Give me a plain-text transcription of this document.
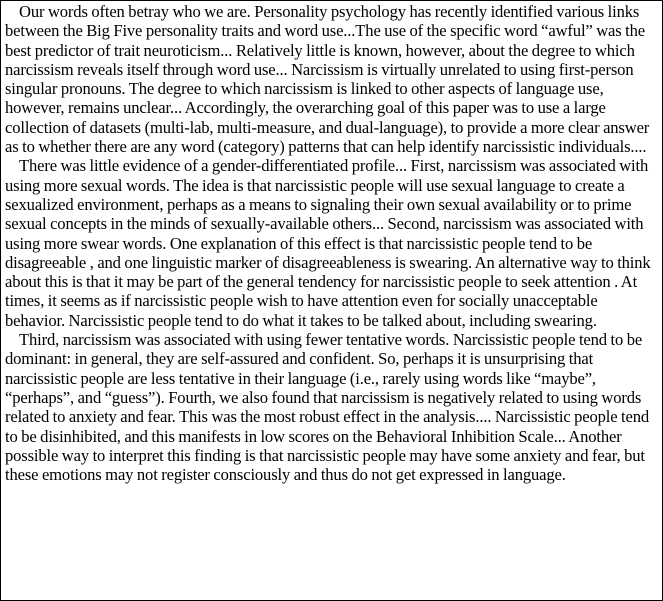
Our words often betray who we are. Personality psychology has recently identified various links between the Big Five personality traits and word use...The use of the specific word “awful” was the best predictor of trait neuroticism... Relatively little is known, however, about the degree to which narcissism reveals itself through word use... Narcissism is virtually unrelated to using first-person singular pronouns. The degree to which narcissism is linked to other aspects of language use, however, remains unclear... Accordingly, the overarching goal of this paper was to use a large collection of datasets (multi-lab, multi-measure, and dual-language), to provide a more clear answer as to whether there are any word (category) patterns that can help identify narcissistic individuals....

There was little evidence of a gender-differentiated profile... First, narcissism was associated with using more sexual words. The idea is that narcissistic people will use sexual language to create a sexualized environment, perhaps as a means to signaling their own sexual availability or to prime sexual concepts in the minds of sexually-available others... Second, narcissism was associated with using more swear words. One explanation of this effect is that narcissistic people tend to be disagreeable , and one linguistic marker of disagreeableness is swearing. An alternative way to think about this is that it may be part of the general tendency for narcissistic people to seek attention . At times, it seems as if narcissistic people wish to have attention even for socially unacceptable behavior. Narcissistic people tend to do what it takes to be talked about, including swearing.

Third, narcissism was associated with using fewer tentative words. Narcissistic people tend to be dominant: in general, they are self-assured and confident. So, perhaps it is unsurprising that narcissistic people are less tentative in their language (i.e., rarely using words like “maybe”, “perhaps”, and “guess”). Fourth, we also found that narcissism is negatively related to using words related to anxiety and fear. This was the most robust effect in the analysis.... Narcissistic people tend to be disinhibited, and this manifests in low scores on the Behavioral Inhibition Scale... Another possible way to interpret this finding is that narcissistic people may have some anxiety and fear, but these emotions may not register consciously and thus do not get expressed in language.
